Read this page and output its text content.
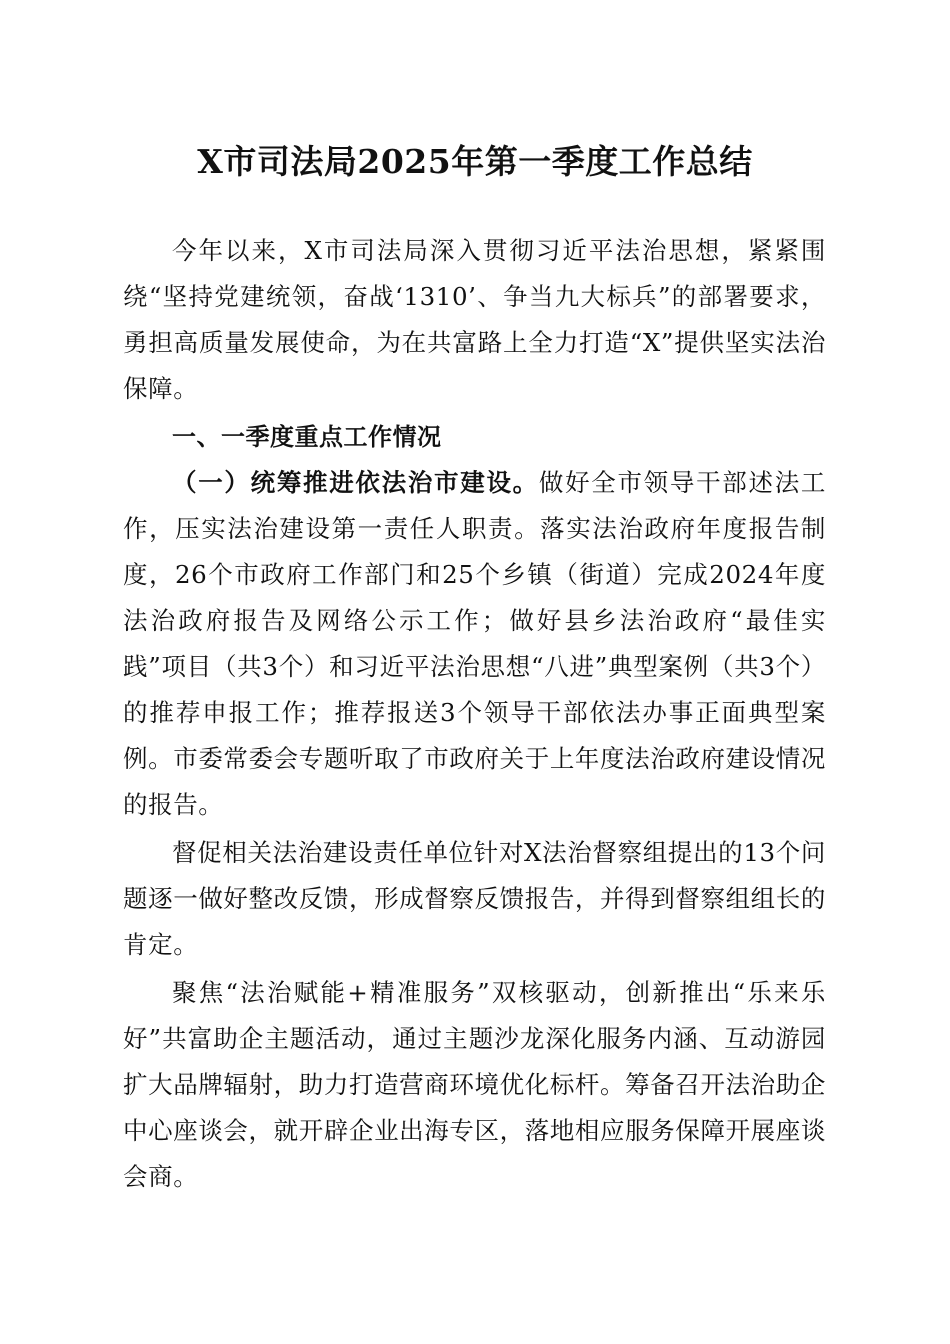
X市司法局2025年第一季度工作总结

今年以来，X市司法局深入贯彻习近平法治思想，紧紧围绕“坚持党建统领，奋战‘1310’、争当九大标兵”的部署要求，勇担高质量发展使命，为在共富路上全力打造“X”提供坚实法治保障。

一、一季度重点工作情况

（一）统筹推进依法治市建设。做好全市领导干部述法工作，压实法治建设第一责任人职责。落实法治政府年度报告制度，26个市政府工作部门和25个乡镇（街道）完成2024年度法治政府报告及网络公示工作；做好县乡法治政府“最佳实践”项目（共3个）和习近平法治思想“八进”典型案例（共3个）的推荐申报工作；推荐报送3个领导干部依法办事正面典型案例。市委常委会专题听取了市政府关于上年度法治政府建设情况的报告。

督促相关法治建设责任单位针对X法治督察组提出的13个问题逐一做好整改反馈，形成督察反馈报告，并得到督察组组长的肯定。

聚焦“法治赋能+精准服务”双核驱动，创新推出“乐来乐好”共富助企主题活动，通过主题沙龙深化服务内涵、互动游园扩大品牌辐射，助力打造营商环境优化标杆。筹备召开法治助企中心座谈会，就开辟企业出海专区，落地相应服务保障开展座谈会商。
